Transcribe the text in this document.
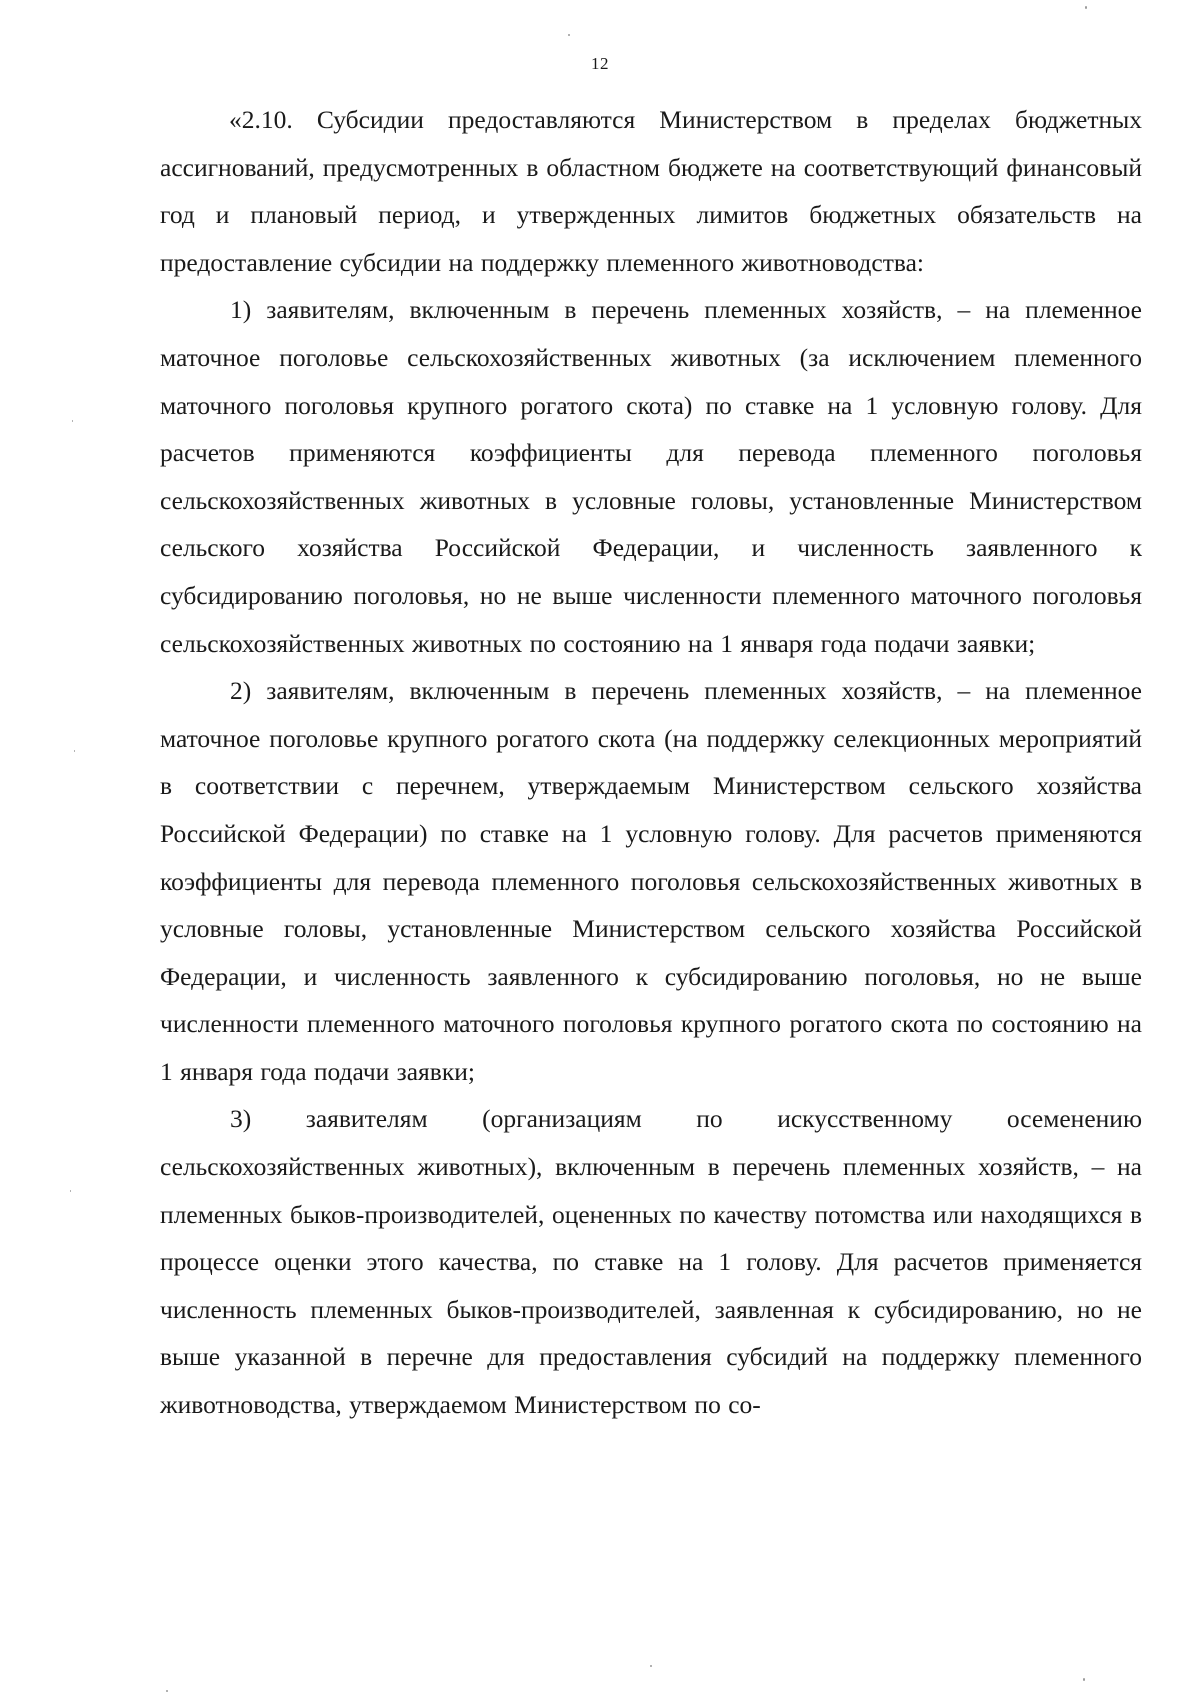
12

«2.10. Субсидии предоставляются Министерством в пределах бюджетных ассигнований, предусмотренных в областном бюджете на соответствующий финансовый год и плановый период, и утвержденных лимитов бюджетных обязательств на предоставление субсидии на поддержку племенного животноводства:

1) заявителям, включенным в перечень племенных хозяйств, – на племенное маточное поголовье сельскохозяйственных животных (за исключением племенного маточного поголовья крупного рогатого скота) по ставке на 1 условную голову. Для расчетов применяются коэффициенты для перевода племенного поголовья сельскохозяйственных животных в условные головы, установленные Министерством сельского хозяйства Российской Федерации, и численность заявленного к субсидированию поголовья, но не выше численности племенного маточного поголовья сельскохозяйственных животных по состоянию на 1 января года подачи заявки;

2) заявителям, включенным в перечень племенных хозяйств, – на племенное маточное поголовье крупного рогатого скота (на поддержку селекционных мероприятий в соответствии с перечнем, утверждаемым Министерством сельского хозяйства Российской Федерации) по ставке на 1 условную голову. Для расчетов применяются коэффициенты для перевода племенного поголовья сельскохозяйственных животных в условные головы, установленные Министерством сельского хозяйства Российской Федерации, и численность заявленного к субсидированию поголовья, но не выше численности племенного маточного поголовья крупного рогатого скота по состоянию на 1 января года подачи заявки;

3) заявителям (организациям по искусственному осеменению сельскохозяйственных животных), включенным в перечень племенных хозяйств, – на племенных быков-производителей, оцененных по качеству потомства или находящихся в процессе оценки этого качества, по ставке на 1 голову. Для расчетов применяется численность племенных быков-производителей, заявленная к субсидированию, но не выше указанной в перечне для предоставления субсидий на поддержку племенного животноводства, утверждаемом Министерством по со-
